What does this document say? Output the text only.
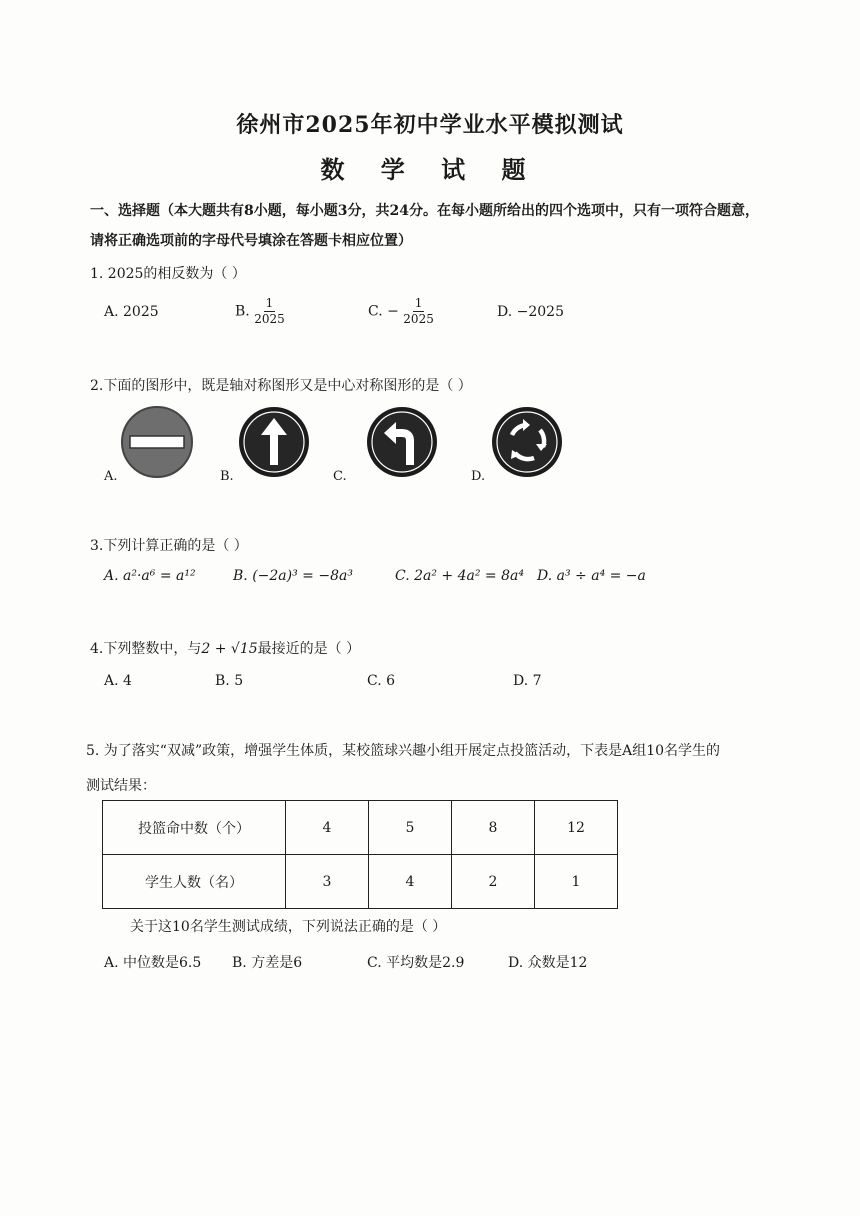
徐州市2025年初中学业水平模拟测试
数 学 试 题
一、选择题（本大题共有8小题，每小题3分，共24分。在每小题所给出的四个选项中，只有一项符合题意，
请将正确选项前的字母代号填涂在答题卡相应位置）
1. 2025的相反数为（ ）
A. 2025	B. $\frac{1}{2025}$	C. − $\frac{1}{2025}$	D. −2025
2.下面的图形中，既是轴对称图形又是中心对称图形的是（ ）
A.	B.	C.	D.
3.下列计算正确的是（ ）
A. a²·a⁶ = a¹²	B. (−2a)³ = −8a³	C. 2a² + 4a² = 8a⁴ D. a³ ÷ a⁴ = −a
4.下列整数中，与2 + √15最接近的是（ ）
A. 4	B. 5	C. 6	D. 7
5. 为了落实“双减”政策，增强学生体质，某校篮球兴趣小组开展定点投篮活动，下表是A组10名学生的
测试结果：
投篮命中数（个）	4	5	8	12
学生人数（名）	3	4	2	1
关于这10名学生测试成绩，下列说法正确的是（ ）
A. 中位数是6.5 B. 方差是6	C. 平均数是2.9	D. 众数是12
